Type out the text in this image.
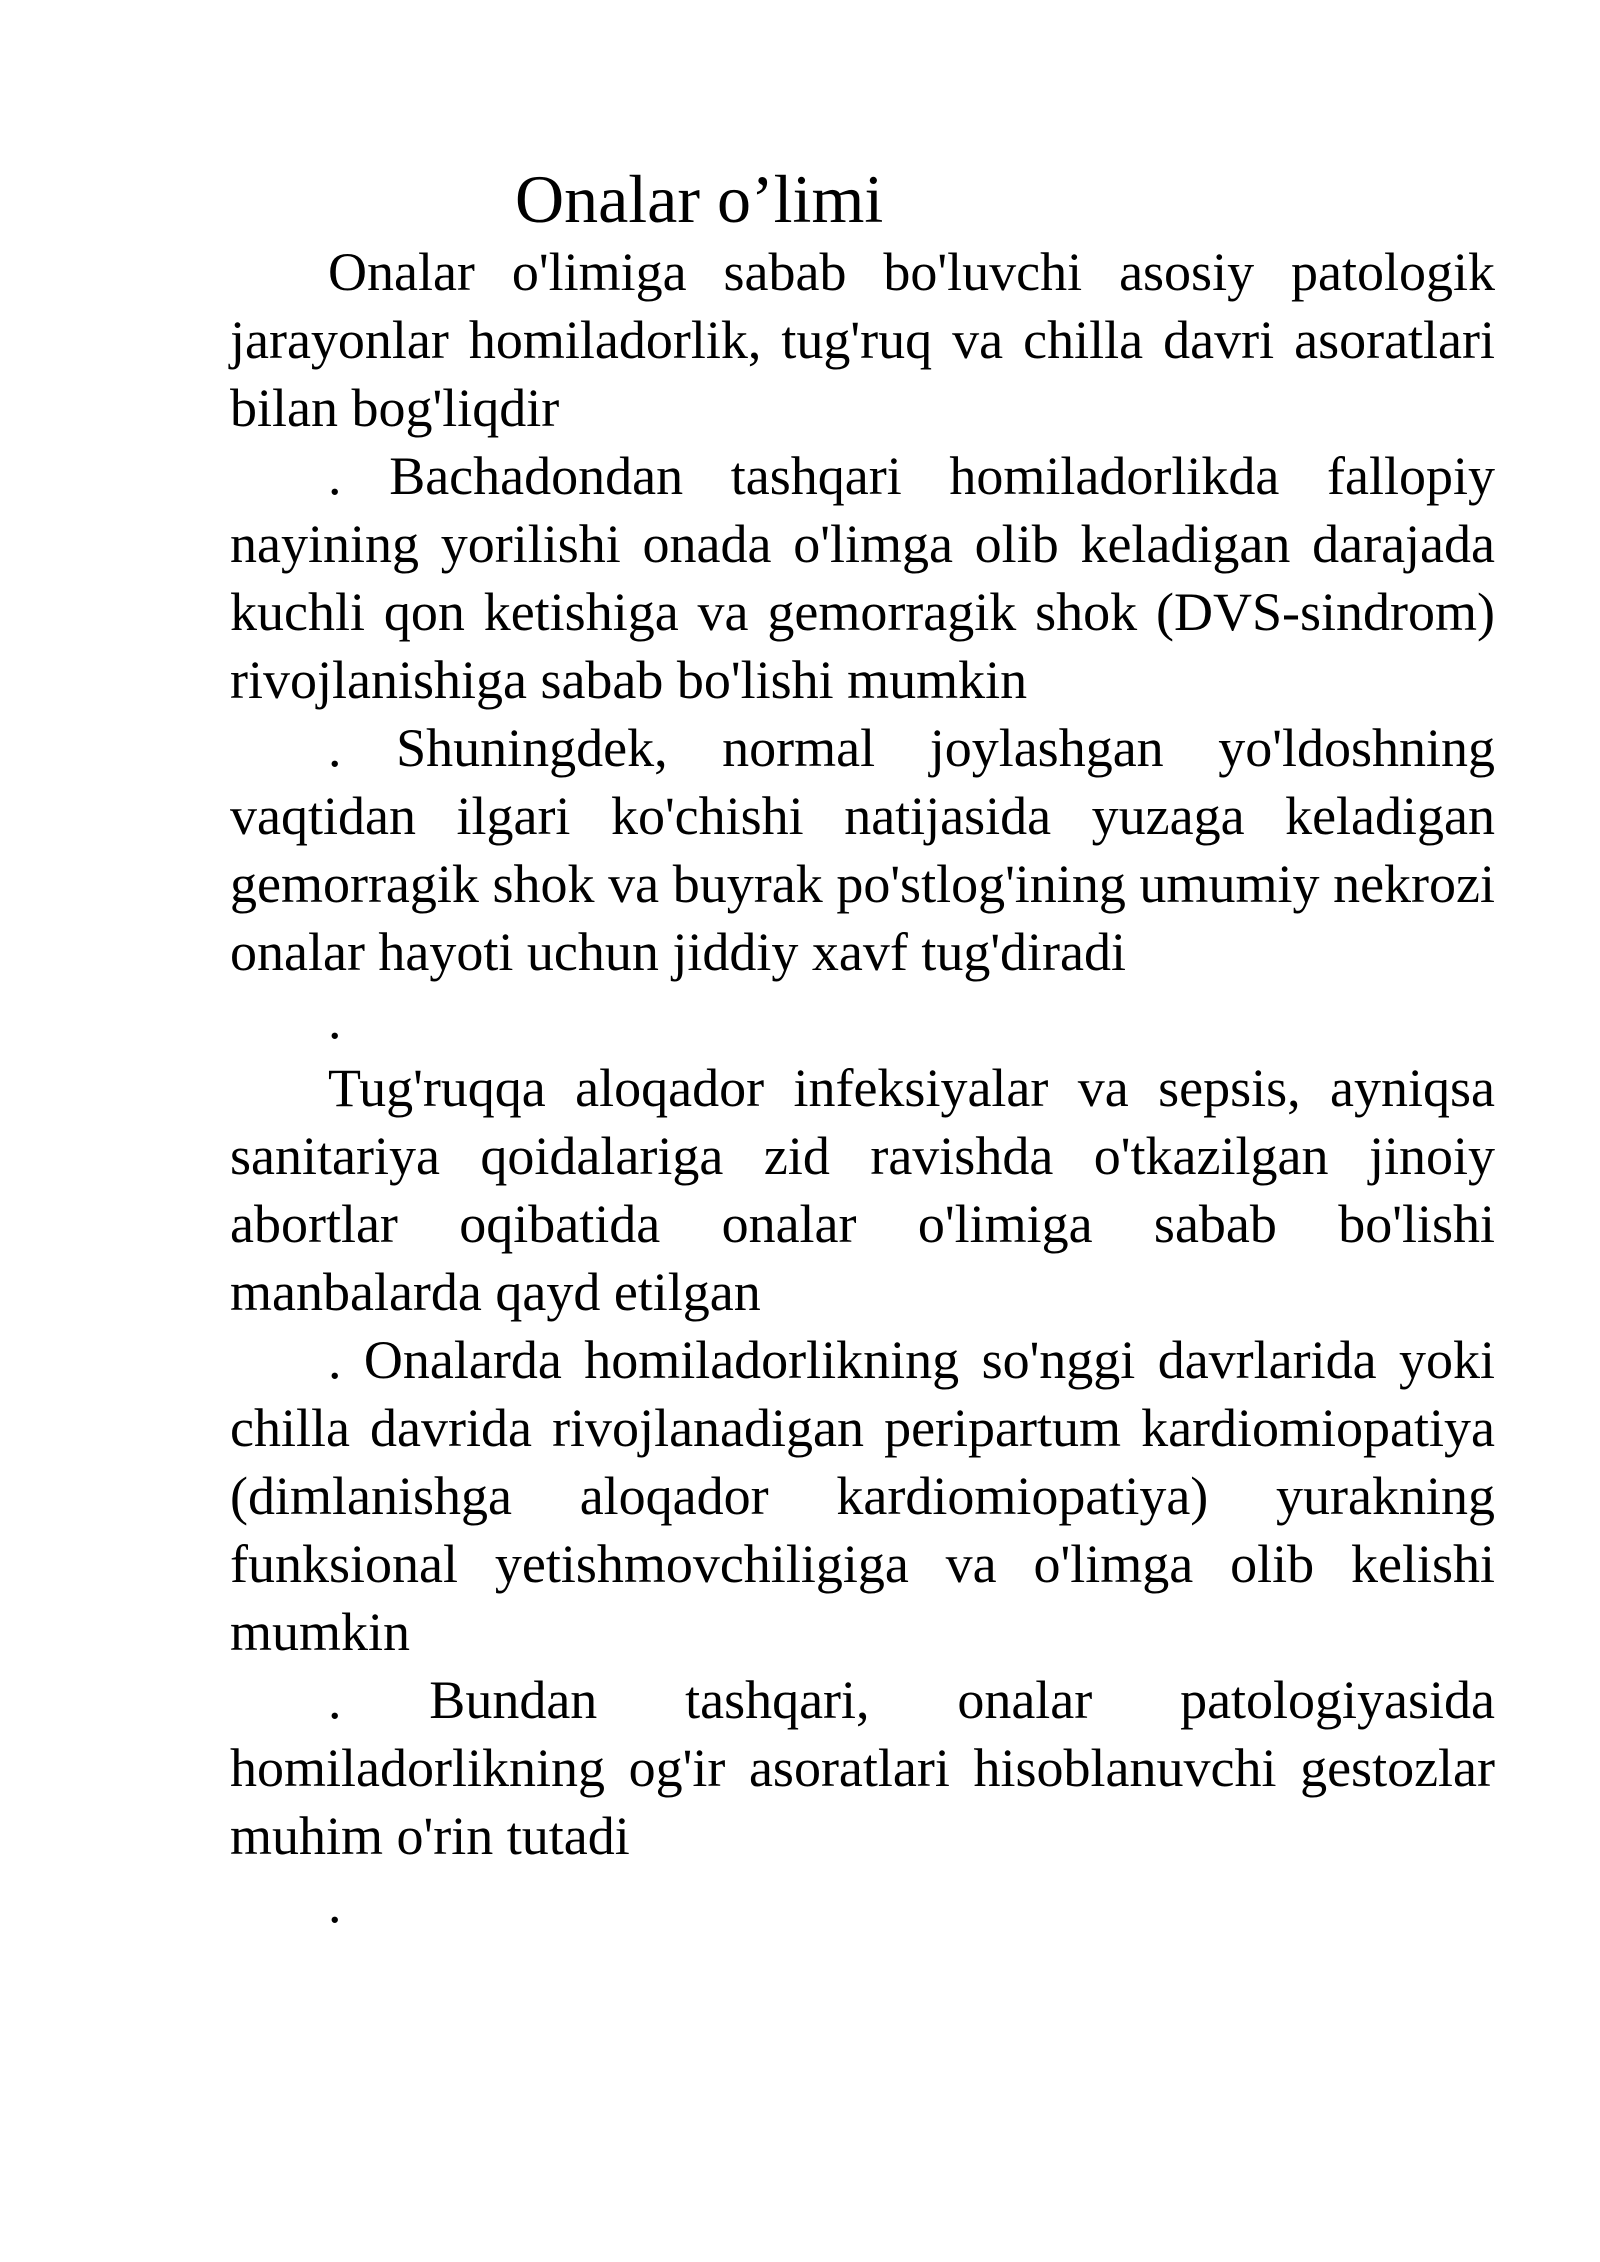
Onalar o’limi

Onalar o'limiga sabab bo'luvchi asosiy patologik jarayonlar homiladorlik, tug'ruq va chilla davri asoratlari bilan bog'liqdir

. Bachadondan tashqari homiladorlikda fallopiy nayining yorilishi onada o'limga olib keladigan darajada kuchli qon ketishiga va gemorragik shok (DVS-sindrom) rivojlanishiga sabab bo'lishi mumkin

. Shuningdek, normal joylashgan yo'ldoshning vaqtidan ilgari ko'chishi natijasida yuzaga keladigan gemorragik shok va buyrak po'stlog'ining umumiy nekrozi onalar hayoti uchun jiddiy xavf tug'diradi

.

Tug'ruqqa aloqador infeksiyalar va sepsis, ayniqsa sanitariya qoidalariga zid ravishda o'tkazilgan jinoiy abortlar oqibatida onalar o'limiga sabab bo'lishi manbalarda qayd etilgan

. Onalarda homiladorlikning so'nggi davrlarida yoki chilla davrida rivojlanadigan peripartum kardiomiopatiya (dimlanishga aloqador kardiomiopatiya) yurakning funksional yetishmovchiligiga va o'limga olib kelishi mumkin

. Bundan tashqari, onalar patologiyasida homiladorlikning og'ir asoratlari hisoblanuvchi gestozlar muhim o'rin tutadi

.
